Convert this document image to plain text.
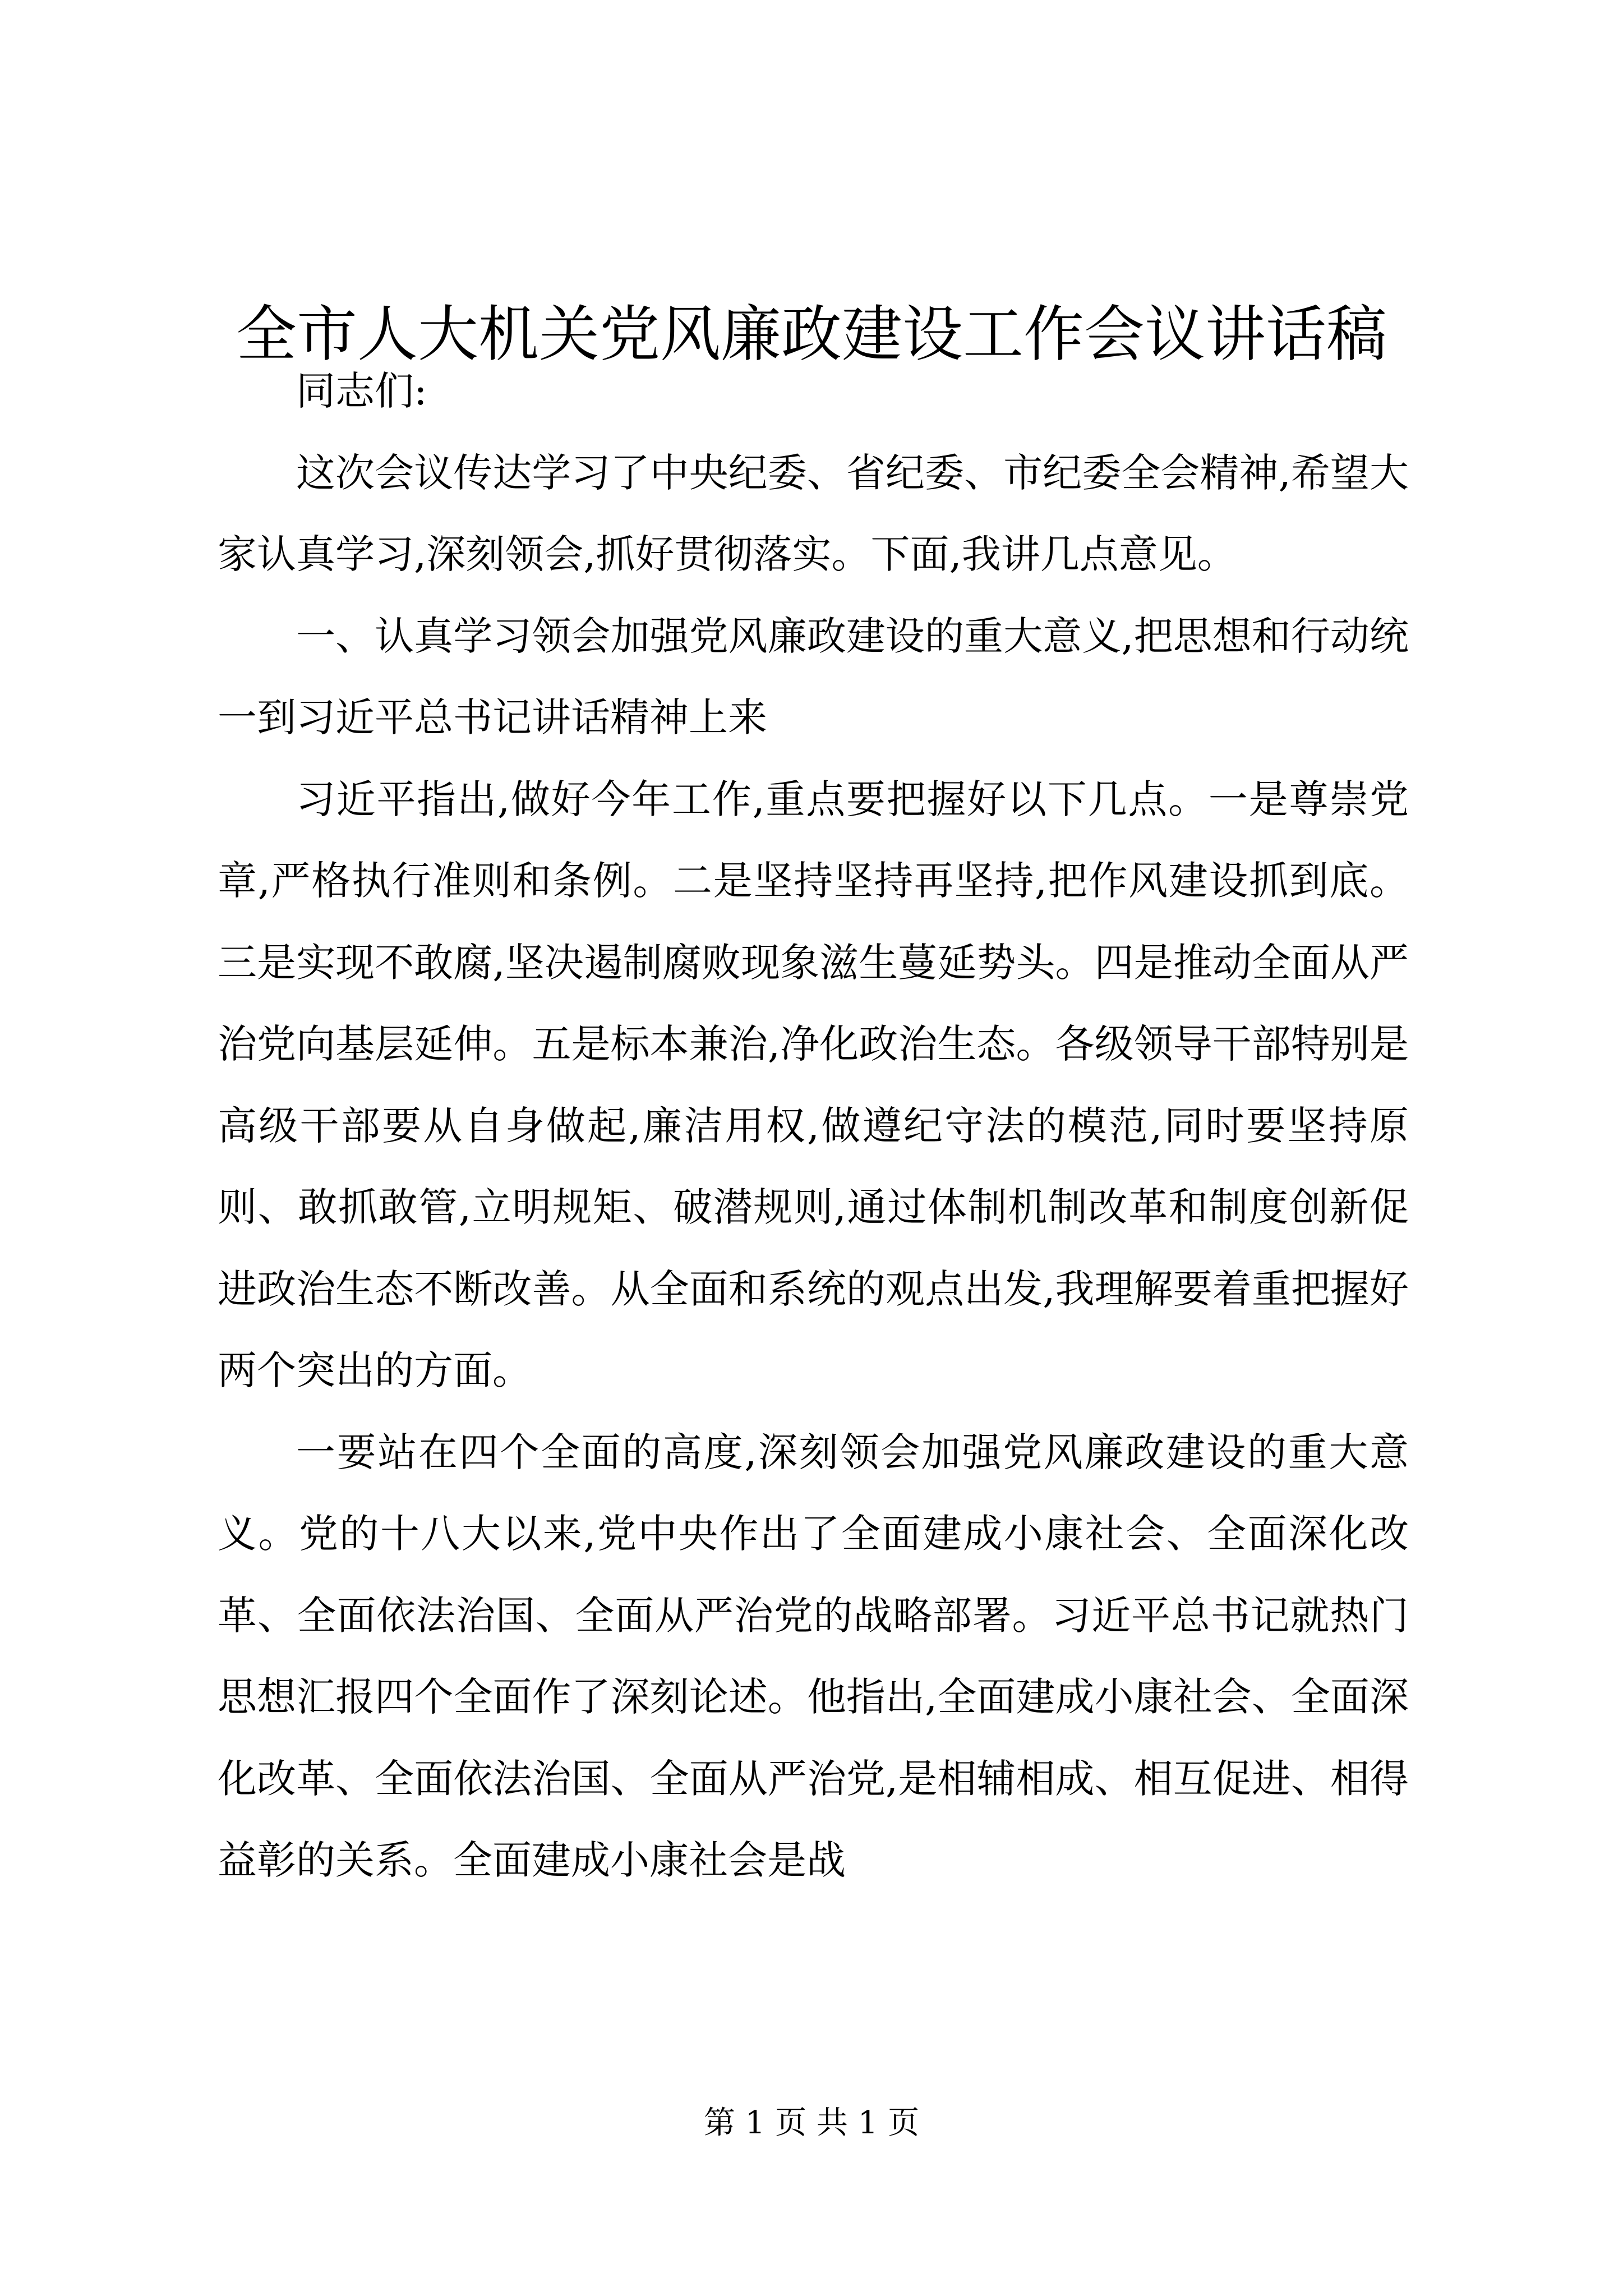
全市人大机关党风廉政建设工作会议讲话稿

同志们:

这次会议传达学习了中央纪委、省纪委、市纪委全会精神,希望大家认真学习,深刻领会,抓好贯彻落实。下面,我讲几点意见。

一、认真学习领会加强党风廉政建设的重大意义,把思想和行动统一到习近平总书记讲话精神上来

习近平指出,做好今年工作,重点要把握好以下几点。一是尊崇党章,严格执行准则和条例。二是坚持坚持再坚持,把作风建设抓到底。三是实现不敢腐,坚决遏制腐败现象滋生蔓延势头。四是推动全面从严治党向基层延伸。五是标本兼治,净化政治生态。各级领导干部特别是高级干部要从自身做起,廉洁用权,做遵纪守法的模范,同时要坚持原则、敢抓敢管,立明规矩、破潜规则,通过体制机制改革和制度创新促进政治生态不断改善。从全面和系统的观点出发,我理解要着重把握好两个突出的方面。

一要站在四个全面的高度,深刻领会加强党风廉政建设的重大意义。党的十八大以来,党中央作出了全面建成小康社会、全面深化改革、全面依法治国、全面从严治党的战略部署。习近平总书记就热门思想汇报四个全面作了深刻论述。他指出,全面建成小康社会、全面深化改革、全面依法治国、全面从严治党,是相辅相成、相互促进、相得益彰的关系。全面建成小康社会是战

第 1 页 共 1 页
